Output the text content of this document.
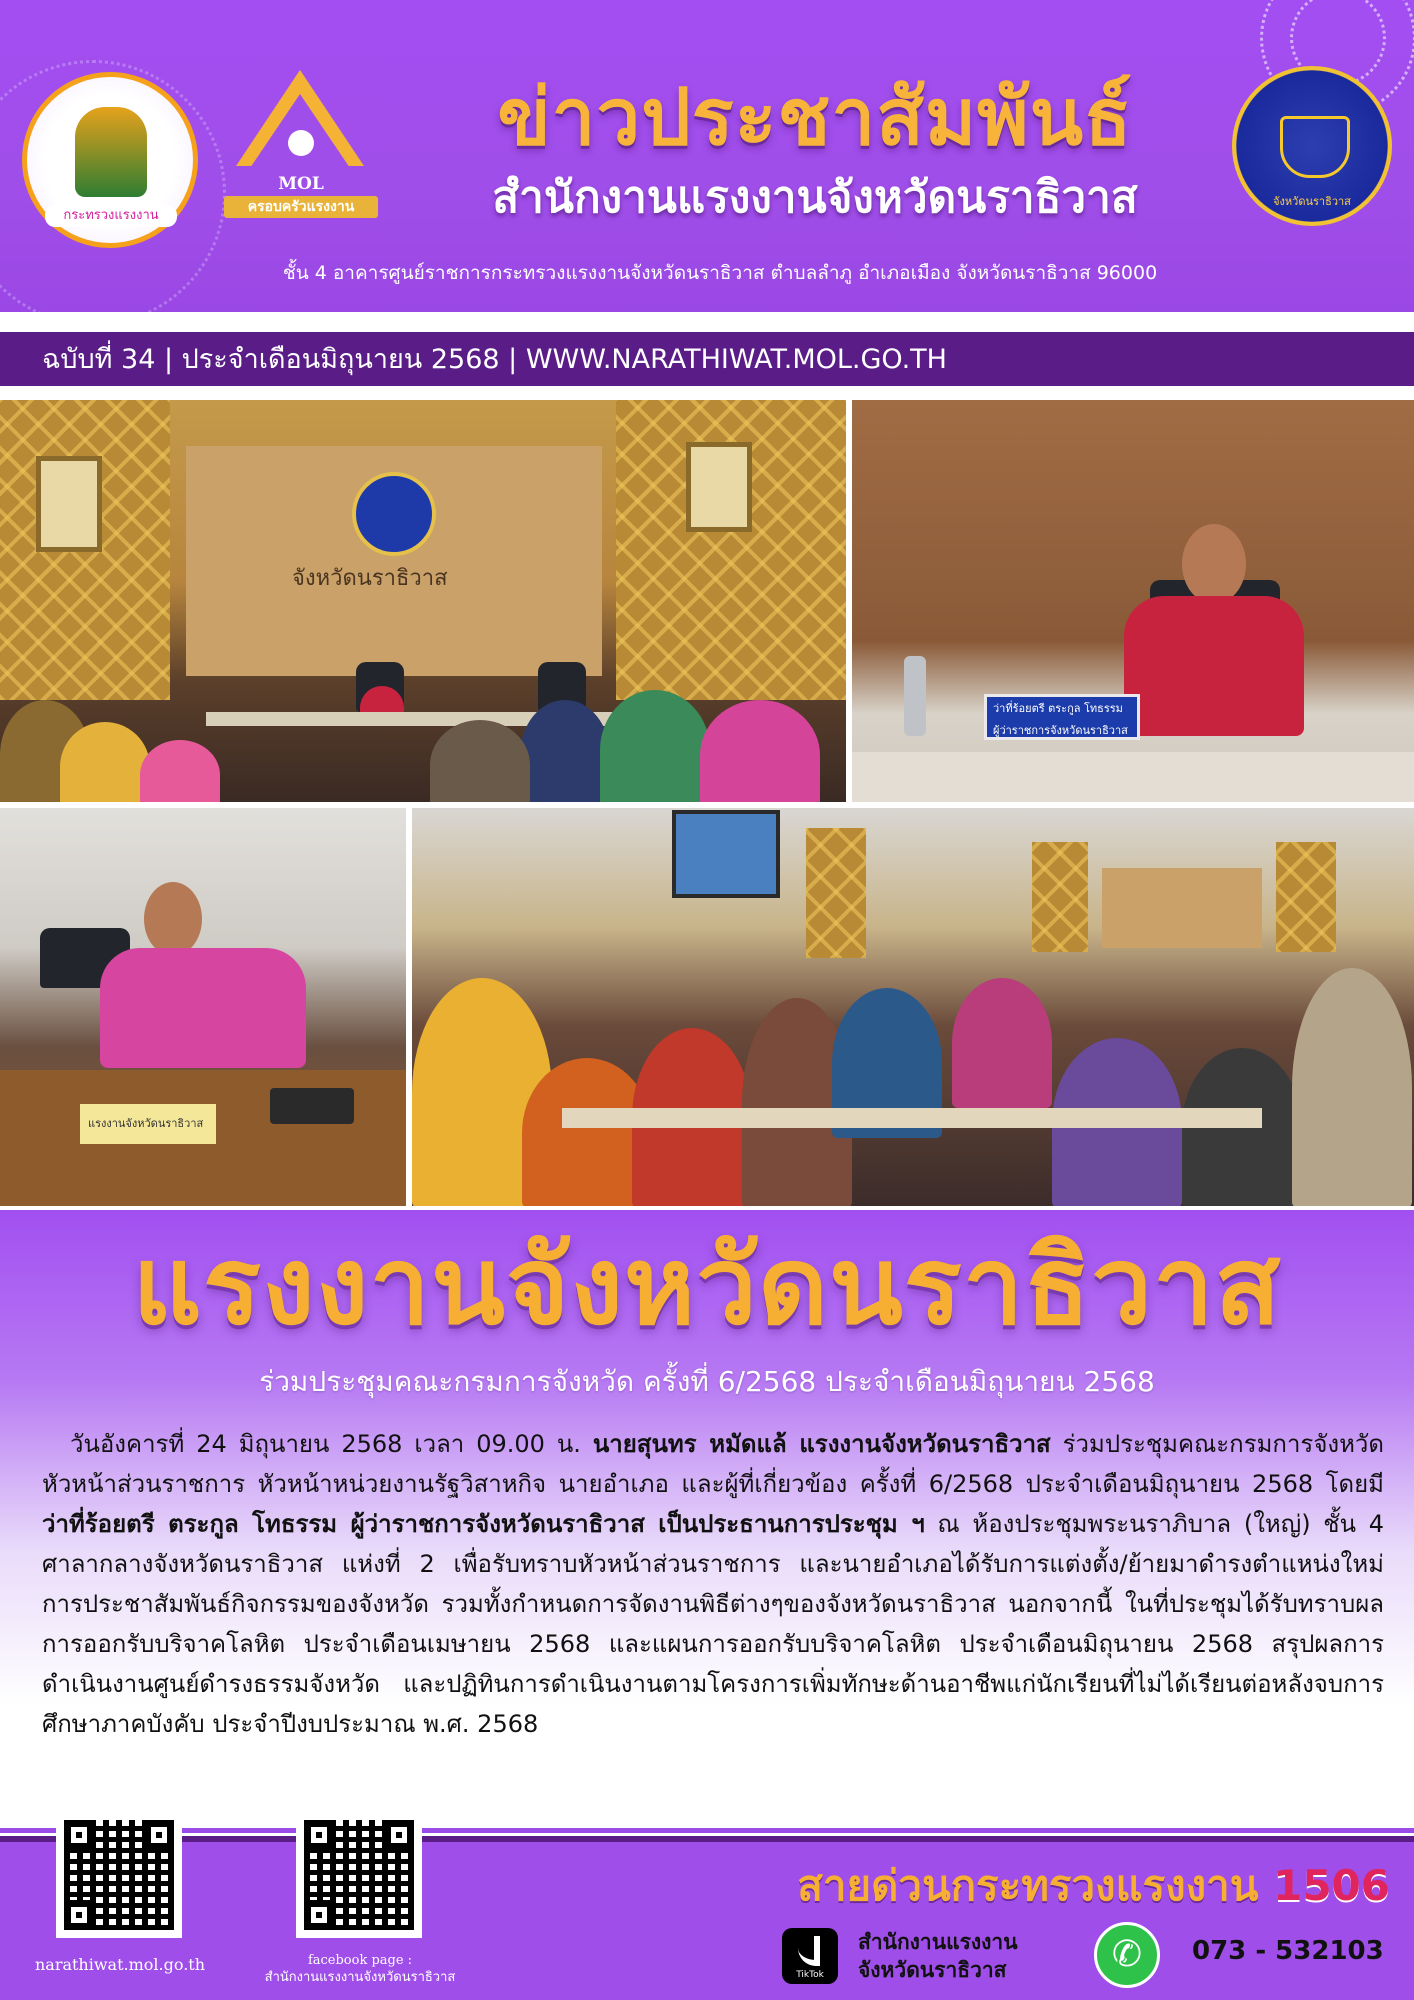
กระทรวงแรงงาน
MOL
ครอบครัวแรงงาน	จังหวัดนราธิวาส
ข่าวประชาสัมพันธ์
สำนักงานแรงงานจังหวัดนราธิวาส
ชั้น 4 อาคารศูนย์ราชการกระทรวงแรงงานจังหวัดนราธิวาส ตำบลลำภู อำเภอเมือง จังหวัดนราธิวาส 96000
ฉบับที่ 34 | ประจำเดือนมิถุนายน 2568 | WWW.NARATHIWAT.MOL.GO.TH
จังหวัดนราธิวาส
ว่าที่ร้อยตรี ตระกูล โทธรรม
ผู้ว่าราชการจังหวัดนราธิวาส
แรงงานจังหวัดนราธิวาส
แรงงานจังหวัดนราธิวาส
ร่วมประชุมคณะกรมการจังหวัด ครั้งที่ 6/2568 ประจำเดือนมิถุนายน 2568
วันอังคารที่ 24 มิถุนายน 2568 เวลา 09.00 น. นายสุนทร หมัดแล้ แรงงานจังหวัดนราธิวาส ร่วมประชุมคณะกรมการจังหวัด หัวหน้าส่วนราชการ หัวหน้าหน่วยงานรัฐวิสาหกิจ นายอำเภอ และผู้ที่เกี่ยวข้อง ครั้งที่ 6/2568 ประจำเดือนมิถุนายน 2568 โดยมี ว่าที่ร้อยตรี ตระกูล โทธรรม ผู้ว่าราชการจังหวัดนราธิวาส เป็นประธานการประชุม ฯ ณ ห้องประชุมพระนราภิบาล (ใหญ่) ชั้น 4 ศาลากลางจังหวัดนราธิวาส แห่งที่ 2 เพื่อรับทราบหัวหน้าส่วนราชการ และนายอำเภอได้รับการแต่งตั้ง/ย้ายมาดำรงตำแหน่งใหม่ การประชาสัมพันธ์กิจกรรมของจังหวัด รวมทั้งกำหนดการจัดงานพิธีต่างๆของจังหวัดนราธิวาส นอกจากนี้ ในที่ประชุมได้รับทราบผลการออกรับบริจาคโลหิต ประจำเดือนเมษายน 2568 และแผนการออกรับบริจาคโลหิต ประจำเดือนมิถุนายน 2568 สรุปผลการดำเนินงานศูนย์ดำรงธรรมจังหวัด และปฏิทินการดำเนินงานตามโครงการเพิ่มทักษะด้านอาชีพแก่นักเรียนที่ไม่ได้เรียนต่อหลังจบการศึกษาภาคบังคับ ประจำปีงบประมาณ พ.ศ. 2568
narathiwat.mol.go.th	facebook page :
สำนักงานแรงงานจังหวัดนราธิวาส
สายด่วนกระทรวงแรงงาน 1506
TikTok
สำนักงานแรงงาน
จังหวัดนราธิวาส	✆	073 - 532103
